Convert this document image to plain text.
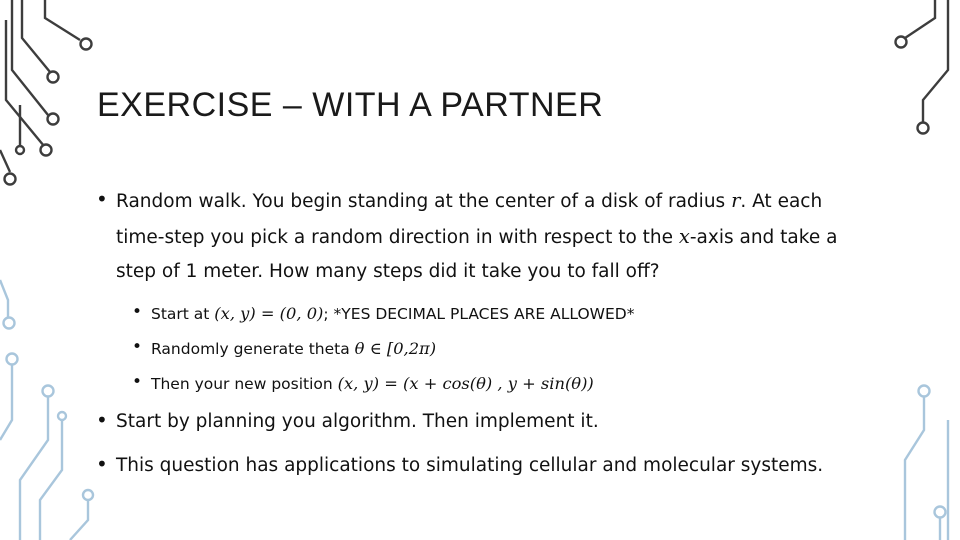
EXERCISE – WITH A PARTNER
• Random walk. You begin standing at the center of a disk of radius r. At each
time-step you pick a random direction in with respect to the x-axis and take a
step of 1 meter. How many steps did it take you to fall off?
• Start at (x, y) = (0, 0); *YES DECIMAL PLACES ARE ALLOWED*
• Randomly generate theta θ ∈ [0,2π)
• Then your new position (x, y) = (x + cos(θ) , y + sin(θ))
• Start by planning you algorithm. Then implement it.
• This question has applications to simulating cellular and molecular systems.
